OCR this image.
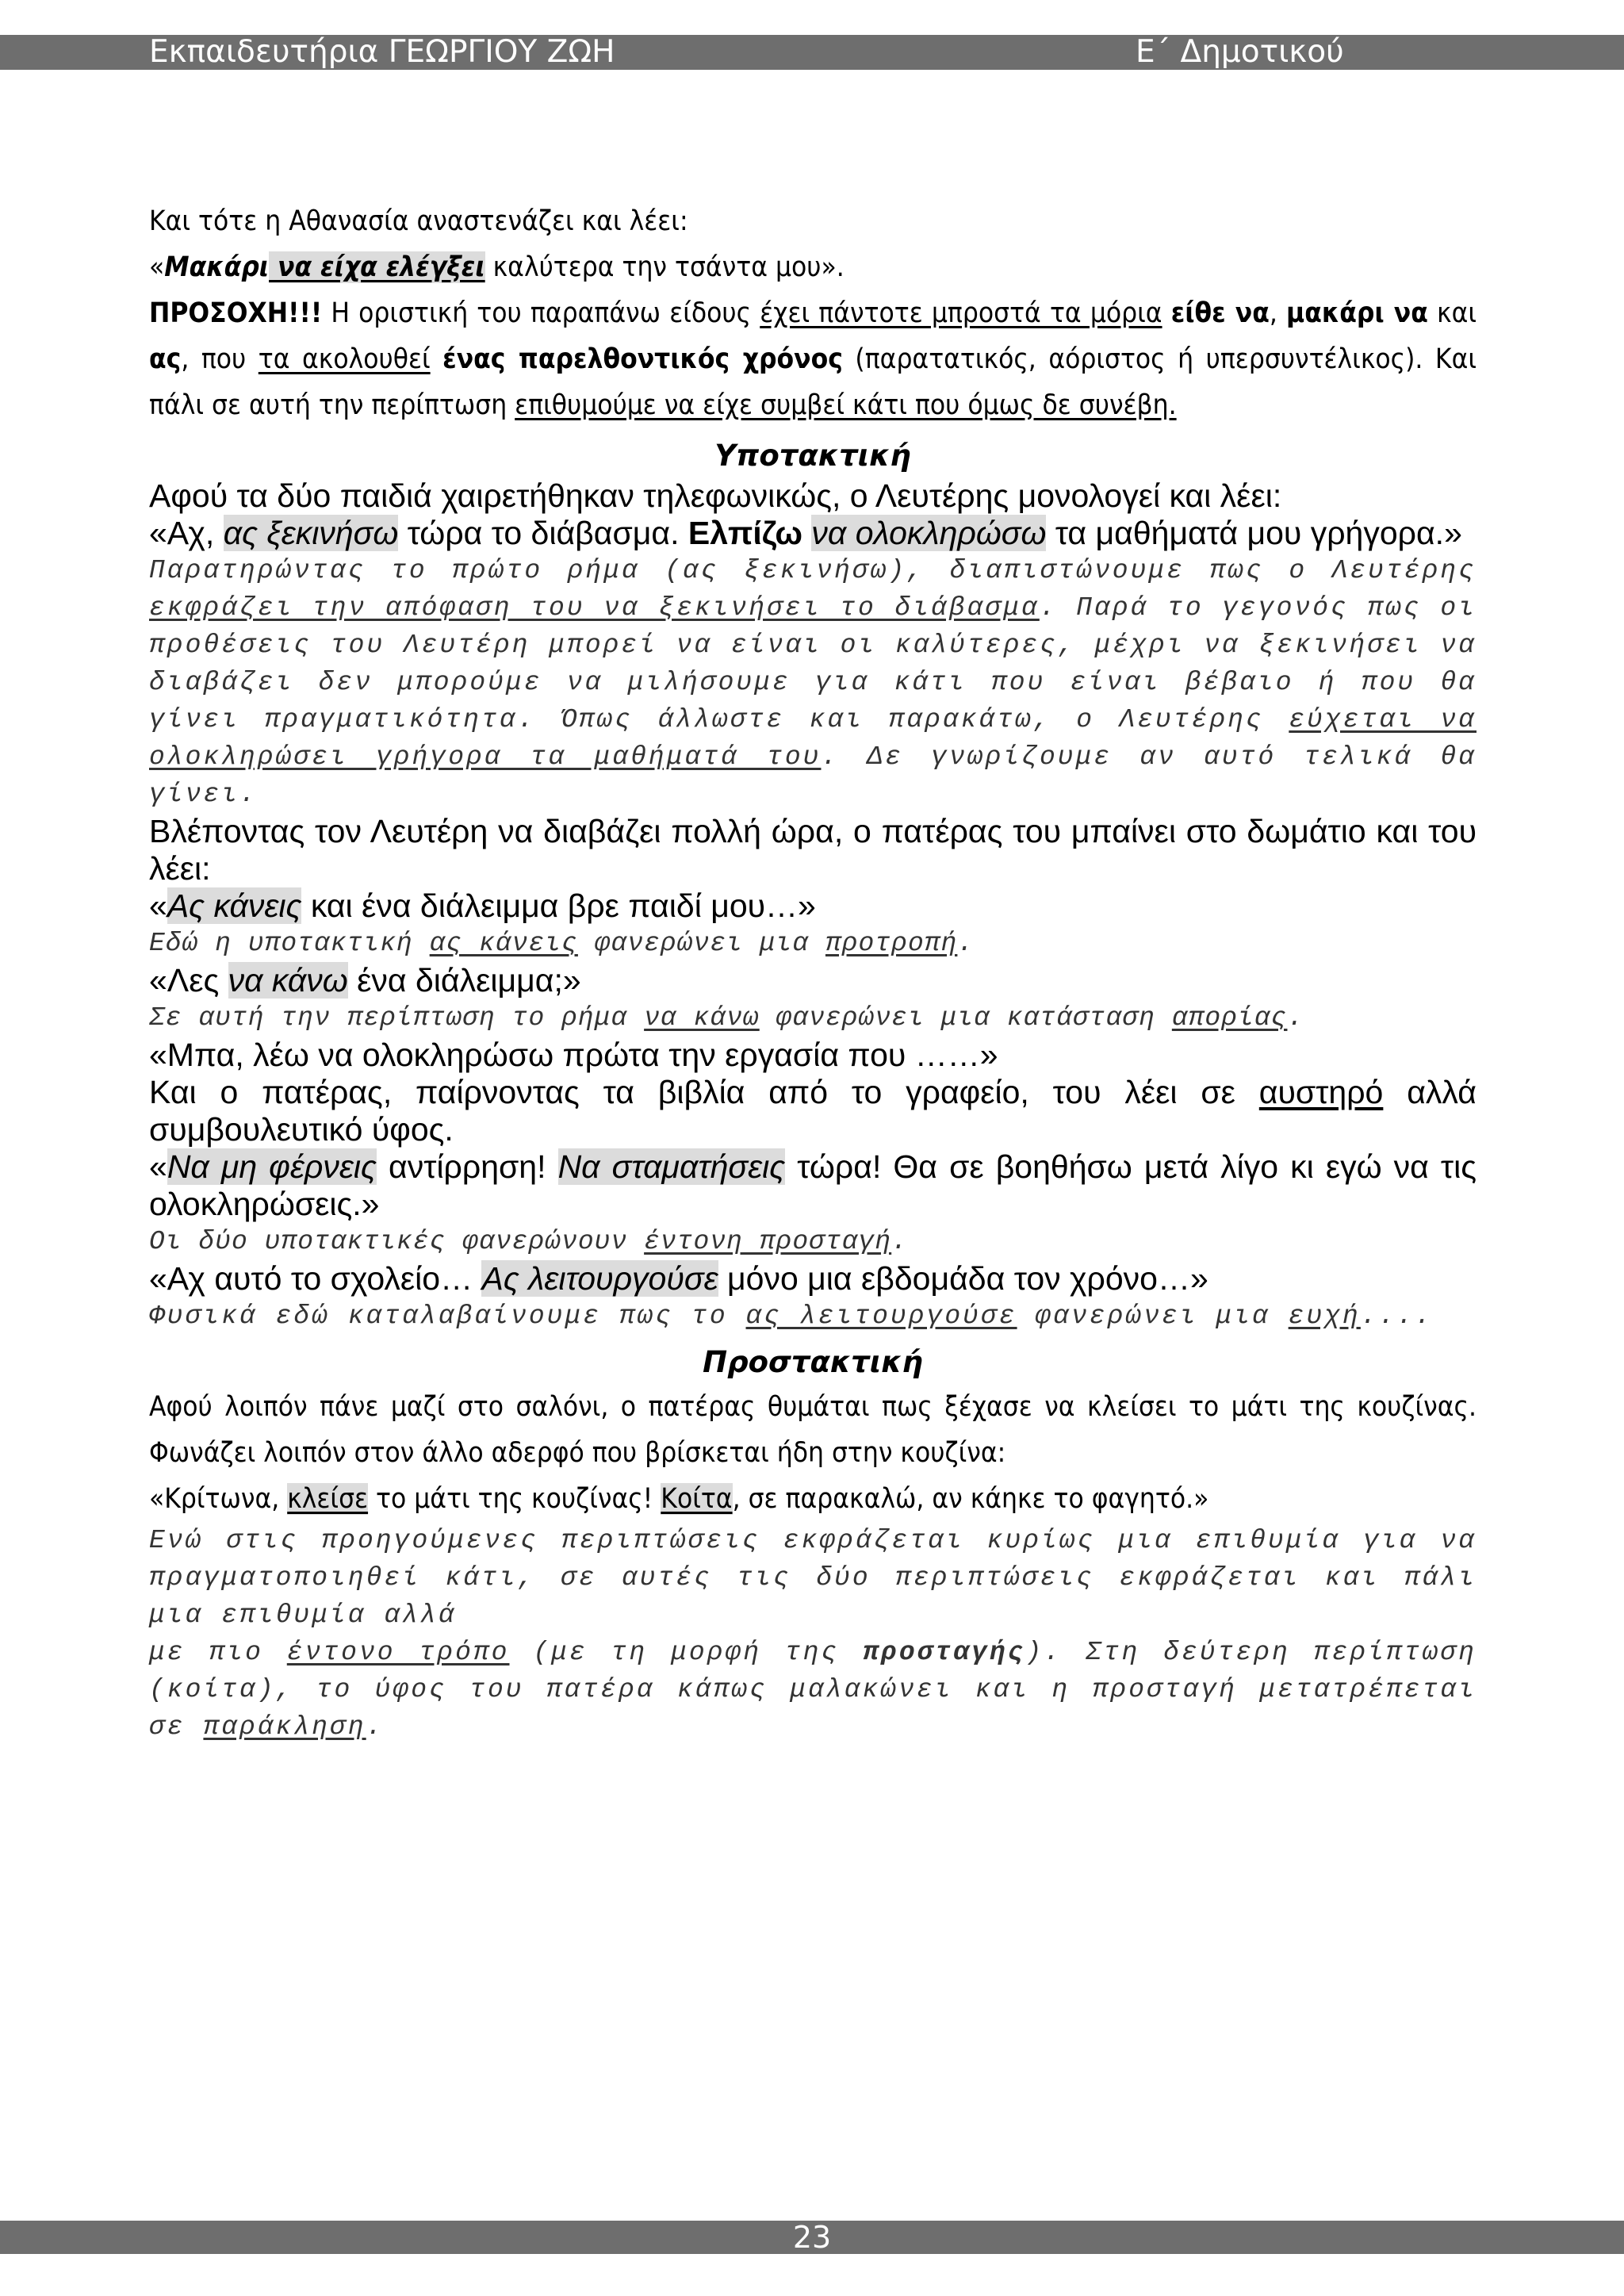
Εκπαιδευτήρια ΓΕΩΡΓΙΟΥ ΖΩΗ	Ε΄ Δημοτικού

Και τότε η Αθανασία αναστενάζει και λέει:

«Μακάρι να είχα ελέγξει καλύτερα την τσάντα μου».

ΠΡΟΣΟΧΗ!!! Η οριστική του παραπάνω είδους έχει πάντοτε μπροστά τα μόρια είθε να, μακάρι να και ας, που τα ακολουθεί ένας παρελθοντικός χρόνος (παρατατικός, αόριστος ή υπερσυντέλικος). Και πάλι σε αυτή την περίπτωση επιθυμούμε να είχε συμβεί κάτι που όμως δε συνέβη.

Υποτακτική

Αφού τα δύο παιδιά χαιρετήθηκαν τηλεφωνικώς, ο Λευτέρης μονολογεί και λέει:

«Αχ, ας ξεκινήσω τώρα το διάβασμα. Ελπίζω να ολοκληρώσω τα μαθήματά μου γρήγορα.»

Παρατηρώντας το πρώτο ρήμα (ας ξεκινήσω), διαπιστώνουμε πως ο Λευτέρης εκφράζει την απόφαση του να ξεκινήσει το διάβασμα. Παρά το γεγονός πως οι προθέσεις του Λευτέρη μπορεί να είναι οι καλύτερες, μέχρι να ξεκινήσει να διαβάζει δεν μπορούμε να μιλήσουμε για κάτι που είναι βέβαιο ή που θα γίνει πραγματικότητα. Όπως άλλωστε και παρακάτω, ο Λευτέρης εύχεται να ολοκληρώσει γρήγορα τα μαθήματά του. Δε γνωρίζουμε αν αυτό τελικά θα γίνει.

Βλέποντας τον Λευτέρη να διαβάζει πολλή ώρα, ο πατέρας του μπαίνει στο δωμάτιο και του λέει:

«Ας κάνεις και ένα διάλειμμα βρε παιδί μου…»

Εδώ η υποτακτική ας κάνεις φανερώνει μια προτροπή.

«Λες να κάνω ένα διάλειμμα;»

Σε αυτή την περίπτωση το ρήμα να κάνω φανερώνει μια κατάσταση απορίας.

«Μπα, λέω να ολοκληρώσω πρώτα την εργασία που ……»

Και ο πατέρας, παίρνοντας τα βιβλία από το γραφείο, του λέει σε αυστηρό αλλά συμβουλευτικό ύφος.

«Να μη φέρνεις αντίρρηση! Να σταματήσεις τώρα! Θα σε βοηθήσω μετά λίγο κι εγώ να τις ολοκληρώσεις.»

Οι δύο υποτακτικές φανερώνουν έντονη προσταγή.

«Αχ αυτό το σχολείο… Ας λειτουργούσε μόνο μια εβδομάδα τον χρόνο…»

Φυσικά εδώ καταλαβαίνουμε πως το ας λειτουργούσε φανερώνει μια ευχή....

Προστακτική

Αφού λοιπόν πάνε μαζί στο σαλόνι, ο πατέρας θυμάται πως ξέχασε να κλείσει το μάτι της κουζίνας. Φωνάζει λοιπόν στον άλλο αδερφό που βρίσκεται ήδη στην κουζίνα:

«Κρίτωνα, κλείσε το μάτι της κουζίνας! Κοίτα, σε παρακαλώ, αν κάηκε το φαγητό.»

Ενώ στις προηγούμενες περιπτώσεις εκφράζεται κυρίως μια επιθυμία για να πραγματοποιηθεί κάτι, σε αυτές τις δύο περιπτώσεις εκφράζεται και πάλι μια επιθυμία αλλά

με πιο έντονο τρόπο (με τη μορφή της προσταγής). Στη δεύτερη περίπτωση (κοίτα), το ύφος του πατέρα κάπως μαλακώνει και η προσταγή μετατρέπεται σε παράκληση.

23
